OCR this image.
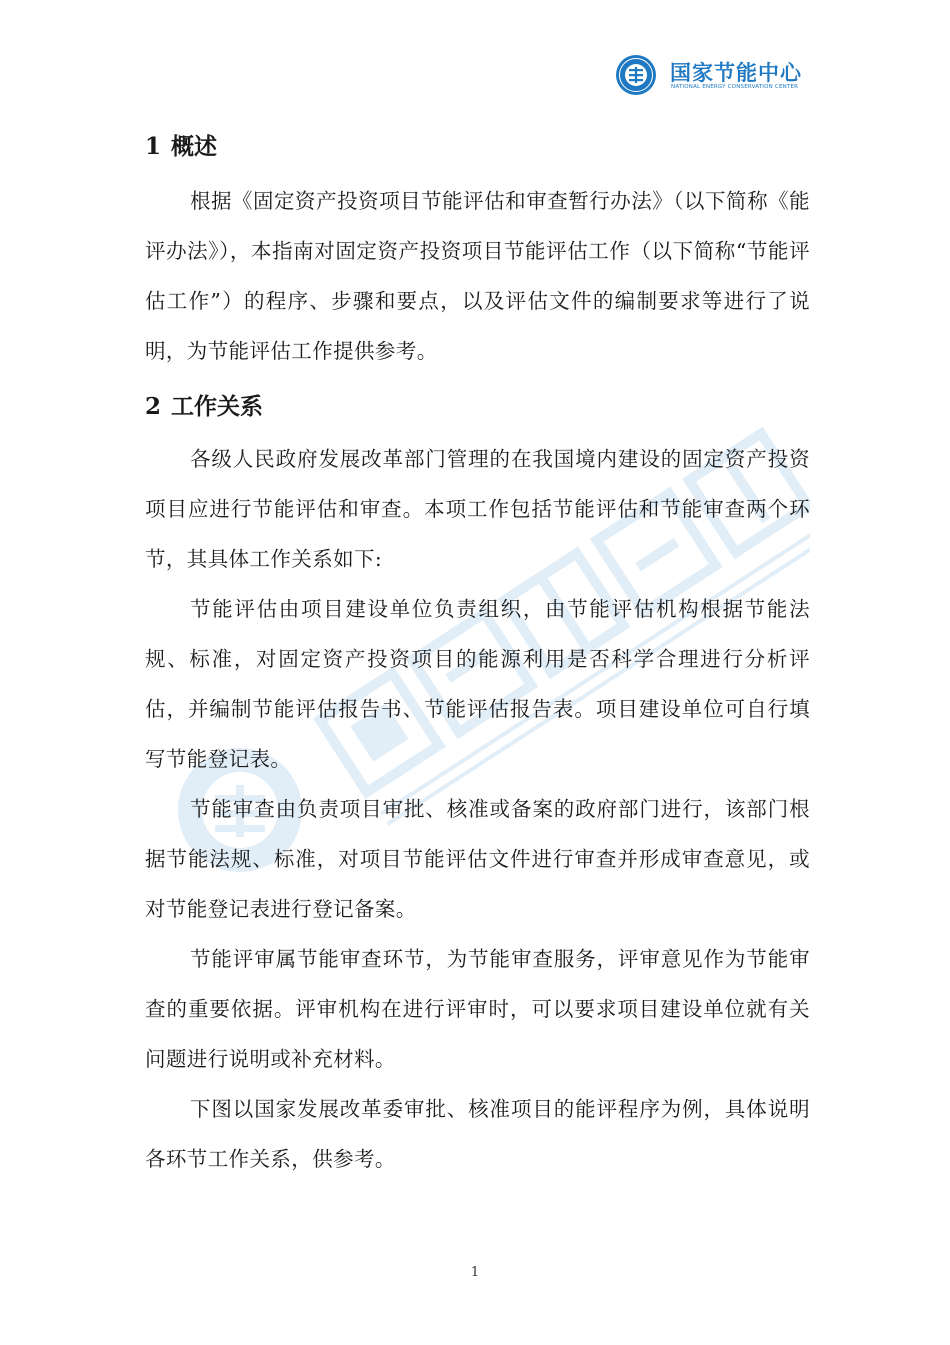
国家节能中心
NATIONAL ENERGY CONSERVATION CENTER
1 概述

根据《固定资产投资项目节能评估和审查暂行办法》（以下简称《能评办法》），本指南对固定资产投资项目节能评估工作（以下简称“节能评估工作”）的程序、步骤和要点，以及评估文件的编制要求等进行了说明，为节能评估工作提供参考。

2 工作关系

各级人民政府发展改革部门管理的在我国境内建设的固定资产投资项目应进行节能评估和审查。本项工作包括节能评估和节能审查两个环节，其具体工作关系如下:

节能评估由项目建设单位负责组织，由节能评估机构根据节能法规、标准，对固定资产投资项目的能源利用是否科学合理进行分析评估，并编制节能评估报告书、节能评估报告表。项目建设单位可自行填写节能登记表。

节能审查由负责项目审批、核准或备案的政府部门进行，该部门根据节能法规、标准，对项目节能评估文件进行审查并形成审查意见，或对节能登记表进行登记备案。

节能评审属节能审查环节，为节能审查服务，评审意见作为节能审查的重要依据。评审机构在进行评审时，可以要求项目建设单位就有关问题进行说明或补充材料。

下图以国家发展改革委审批、核准项目的能评程序为例，具体说明各环节工作关系，供参考。

1
